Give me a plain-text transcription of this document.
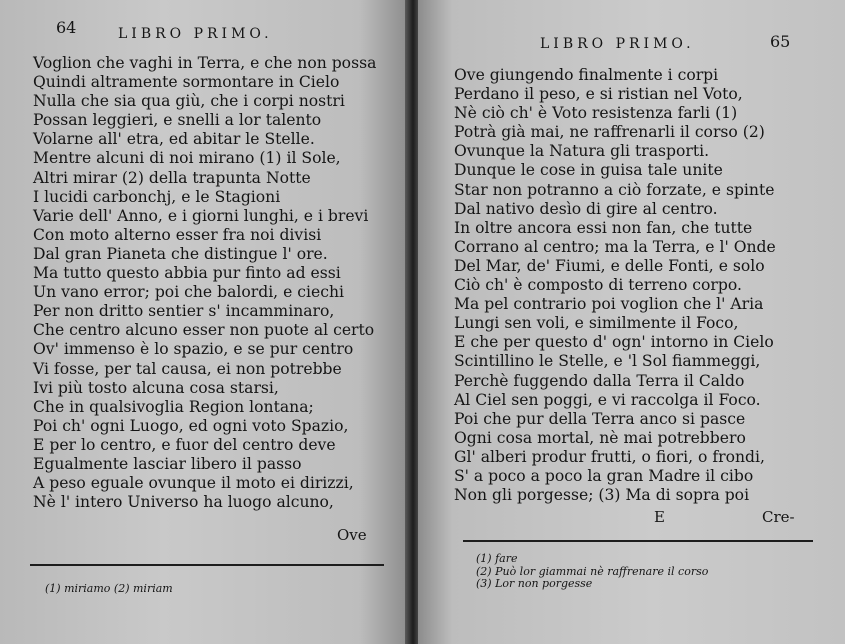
64	LIBRO PRIMO.
Voglion che vaghi in Terra, e che non possa
Quindi altramente sormontare in Cielo
Nulla che sia qua giù, che i corpi nostri
Possan leggieri, e snelli a lor talento
Volarne all' etra, ed abitar le Stelle.
Mentre alcuni di noi mirano (1) il Sole,
Altri mirar (2) della trapunta Notte
I lucidi carbonchj, e le Stagioni
Varie dell' Anno, e i giorni lunghi, e i brevi
Con moto alterno esser fra noi divisi
Dal gran Pianeta che distingue l' ore.
Ma tutto questo abbia pur finto ad essi
Un vano error; poi che balordi, e ciechi
Per non dritto sentier s' incamminaro,
Che centro alcuno esser non puote al certo
Ov' immenso è lo spazio, e se pur centro
Vi fosse, per tal causa, ei non potrebbe
Ivi più tosto alcuna cosa starsi,
Che in qualsivoglia Region lontana;
Poi ch' ogni Luogo, ed ogni voto Spazio,
E per lo centro, e fuor del centro deve
Egualmente lasciar libero il passo
A peso eguale ovunque il moto ei dirizzi,
Nè l' intero Universo ha luogo alcuno,
Ove
(1) miriamo (2) miriam
LIBRO PRIMO.	65
Ove giungendo finalmente i corpi
Perdano il peso, e si ristian nel Voto,
Nè ciò ch' è Voto resistenza farli (1)
Potrà già mai, ne raffrenarli il corso (2)
Ovunque la Natura gli trasporti.
Dunque le cose in guisa tale unite
Star non potranno a ciò forzate, e spinte
Dal nativo desìo di gire al centro.
In oltre ancora essi non fan, che tutte
Corrano al centro; ma la Terra, e l' Onde
Del Mar, de' Fiumi, e delle Fonti, e solo
Ciò ch' è composto di terreno corpo.
Ma pel contrario poi voglion che l' Aria
Lungi sen voli, e similmente il Foco,
E che per questo d' ogn' intorno in Cielo
Scintillino le Stelle, e 'l Sol fiammeggi,
Perchè fuggendo dalla Terra il Caldo
Al Ciel sen poggi, e vi raccolga il Foco.
Poi che pur della Terra anco si pasce
Ogni cosa mortal, nè mai potrebbero
Gl' alberi produr frutti, o fiori, o frondi,
S' a poco a poco la gran Madre il cibo
Non gli porgesse; (3) Ma di sopra poi
E	Cre-
(1) fare
(2) Può lor giammai nè raffrenare il corso
(3) Lor non porgesse
